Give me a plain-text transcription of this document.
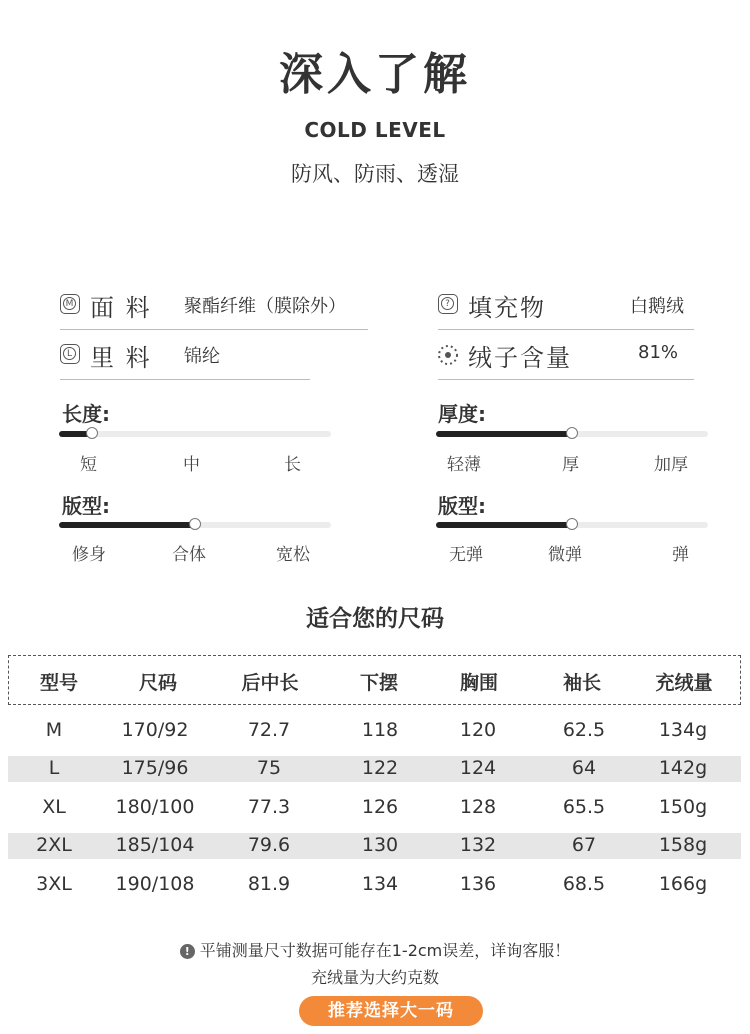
深入了解
COLD LEVEL
防风、防雨、透湿
M 面 料 聚酯纤维（膜除外）	? 填充物	白鹅绒
L 里 料 锦纶	绒子含量	81%
长度:
短	中	长
厚度:
轻薄	厚	加厚
版型:
修身	合体	宽松
版型:
无弹	微弹	弹
适合您的尺码
型号	尺码	后中长	下摆	胸围	袖长	充绒量
M	170/92	72.7	118	120	62.5	134g
L	175/96	75	122	124	64	142g
XL	180/100	77.3	126	128	65.5	150g
2XL	185/104	79.6	130	132	67	158g
3XL	190/108	81.9	134	136	68.5	166g
! 平铺测量尺寸数据可能存在1-2cm误差，详询客服！
充绒量为大约克数
推荐选择大一码
